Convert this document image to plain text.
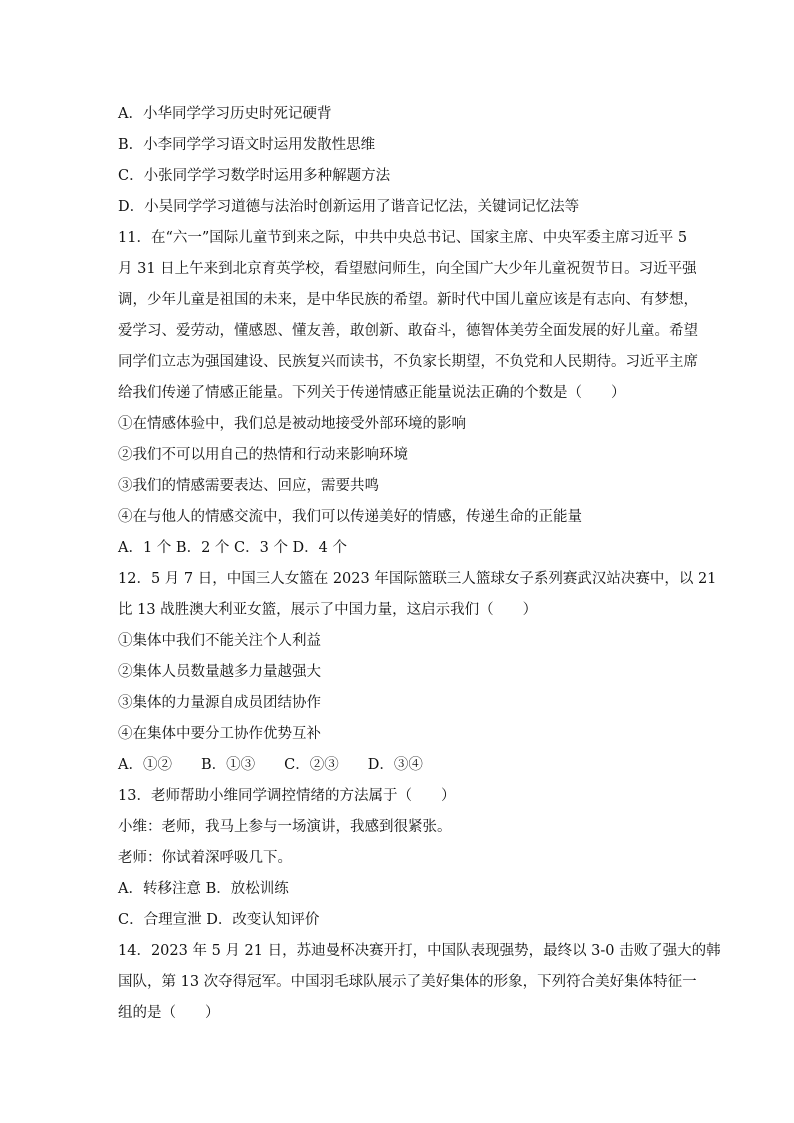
A．小华同学学习历史时死记硬背
B．小李同学学习语文时运用发散性思维
C．小张同学学习数学时运用多种解题方法
D．小吴同学学习道德与法治时创新运用了谐音记忆法，关键词记忆法等
11．在“六一”国际儿童节到来之际，中共中央总书记、国家主席、中央军委主席习近平 5
月 31 日上午来到北京育英学校，看望慰问师生，向全国广大少年儿童祝贺节日。习近平强
调，少年儿童是祖国的未来，是中华民族的希望。新时代中国儿童应该是有志向、有梦想，
爱学习、爱劳动，懂感恩、懂友善，敢创新、敢奋斗，德智体美劳全面发展的好儿童。希望
同学们立志为强国建设、民族复兴而读书，不负家长期望，不负党和人民期待。习近平主席
给我们传递了情感正能量。下列关于传递情感正能量说法正确的个数是（　　）
①在情感体验中，我们总是被动地接受外部环境的影响
②我们不可以用自己的热情和行动来影响环境
③我们的情感需要表达、回应，需要共鸣
④在与他人的情感交流中，我们可以传递美好的情感，传递生命的正能量
A．1 个 B．2 个 C．3 个 D．4 个
12．5 月 7 日，中国三人女篮在 2023 年国际篮联三人篮球女子系列赛武汉站决赛中，以 21
比 13 战胜澳大利亚女篮，展示了中国力量，这启示我们（　　）
①集体中我们不能关注个人利益
②集体人员数量越多力量越强大
③集体的力量源自成员团结协作
④在集体中要分工协作优势互补
A．①②　　B．①③　　C．②③　　D．③④
13．老师帮助小维同学调控情绪的方法属于（　　）
小维：老师，我马上参与一场演讲，我感到很紧张。
老师：你试着深呼吸几下。
A．转移注意 B．放松训练
C．合理宣泄 D．改变认知评价
14．2023 年 5 月 21 日，苏迪曼杯决赛开打，中国队表现强势，最终以 3-0 击败了强大的韩
国队，第 13 次夺得冠军。中国羽毛球队展示了美好集体的形象，下列符合美好集体特征一
组的是（　　）
